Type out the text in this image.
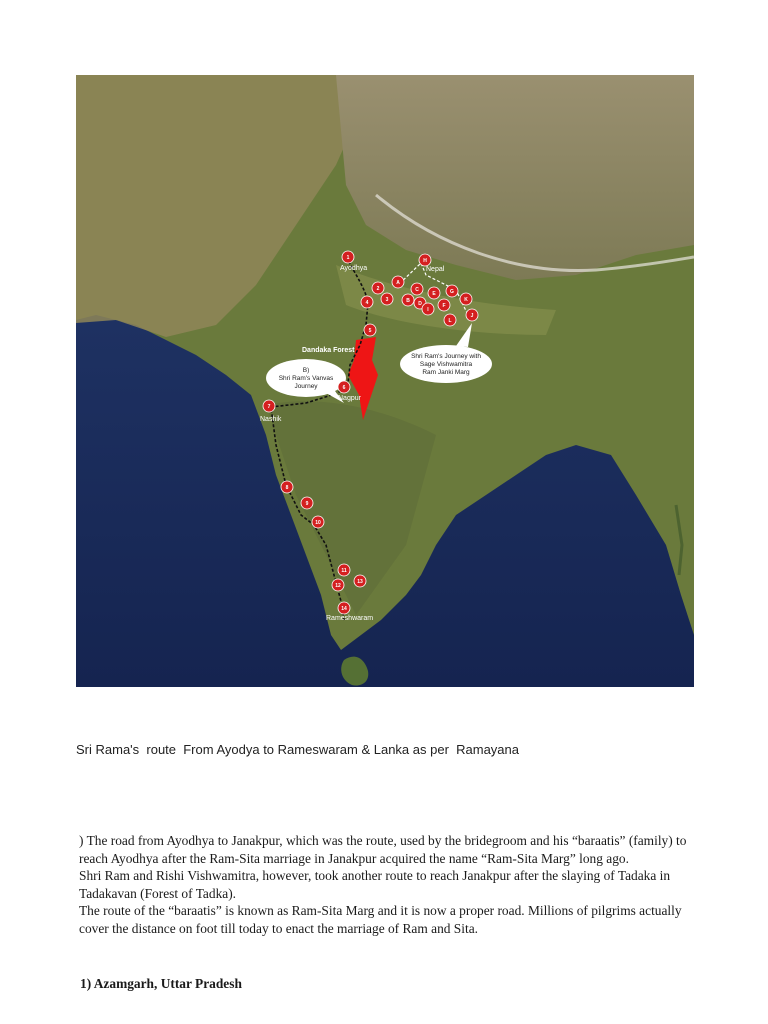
B)
Shri Ram's Vanvas
Journey
Shri Ram's Journey with
Sage Vishwamitra
Ram Janki Marg
Ayodhya	Nepal
Dandaka Forest
Nagpur
Nashik
Rameshwaram
1
2
3
4
5
6
7
8
9
10
11
12
13
14
H
A
B
C
D
E
F
G
I
J
K
L
Sri Rama's  route  From Ayodya to Rameswaram & Lanka as per  Ramayana

) The road from Ayodhya to Janakpur, which was the route, used by the bridegroom and his “baraatis” (family) to reach Ayodhya after the Ram-Sita marriage in Janakpur acquired the name “Ram-Sita Marg” long ago.

Shri Ram and Rishi Vishwamitra, however, took another route to reach Janakpur after the slaying of Tadaka in Tadakavan (Forest of Tadka).

The route of the “baraatis” is known as Ram-Sita Marg and it is now a proper road. Millions of pilgrims actually cover the distance on foot till today to enact the marriage of Ram and Sita.

1) Azamgarh, Uttar Pradesh
